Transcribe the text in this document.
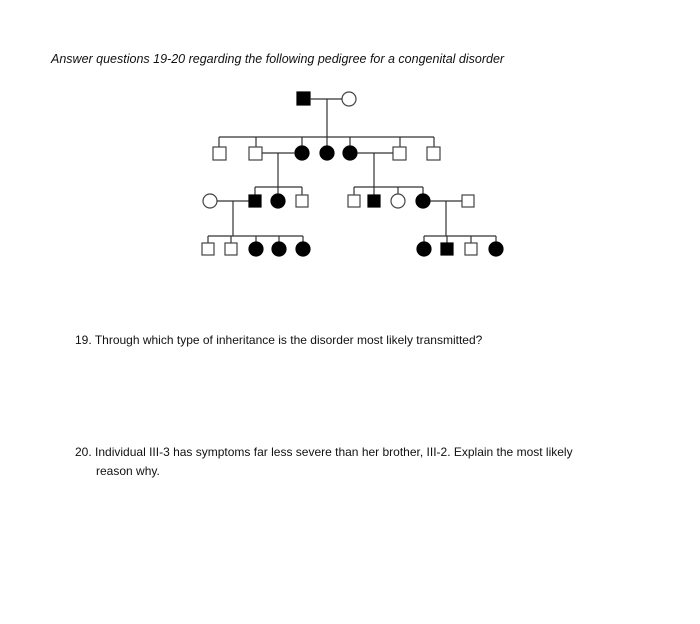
Answer questions 19-20 regarding the following pedigree for a congenital disorder
19. Through which type of inheritance is the disorder most likely transmitted?
20. Individual III-3 has symptoms far less severe than her brother, III-2. Explain the most likely
reason why.
